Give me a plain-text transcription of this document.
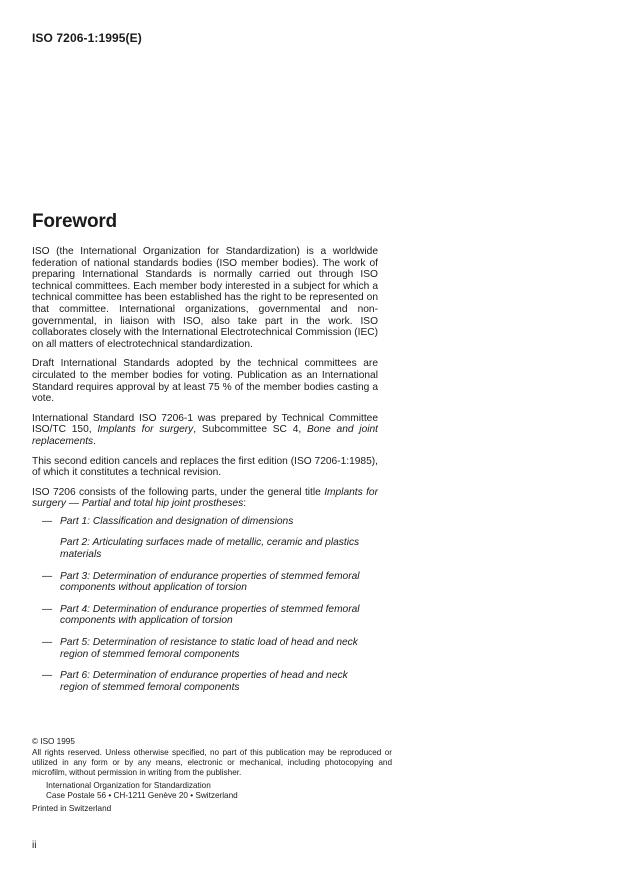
ISO 7206-1:1995(E)
Foreword

ISO (the International Organization for Standardization) is a worldwide federation of national standards bodies (ISO member bodies). The work of preparing International Standards is normally carried out through ISO technical committees. Each member body interested in a subject for which a technical committee has been established has the right to be represented on that committee. International organizations, governmental and non-governmental, in liaison with ISO, also take part in the work. ISO collaborates closely with the International Electrotechnical Commission (IEC) on all matters of electrotechnical standardization.

Draft International Standards adopted by the technical committees are circulated to the member bodies for voting. Publication as an International Standard requires approval by at least 75 % of the member bodies casting a vote.

International Standard ISO 7206-1 was prepared by Technical Committee ISO/TC 150, Implants for surgery, Subcommittee SC 4, Bone and joint replacements.

This second edition cancels and replaces the first edition (ISO 7206-1:1985), of which it constitutes a technical revision.

ISO 7206 consists of the following parts, under the general title Implants for surgery — Partial and total hip joint prostheses:

— Part 1: Classification and designation of dimensions
Part 2: Articulating surfaces made of metallic, ceramic and plastics materials
— Part 3: Determination of endurance properties of stemmed femoral components without application of torsion
— Part 4: Determination of endurance properties of stemmed femoral components with application of torsion
— Part 5: Determination of resistance to static load of head and neck region of stemmed femoral components
— Part 6: Determination of endurance properties of head and neck region of stemmed femoral components
© ISO 1995
All rights reserved. Unless otherwise specified, no part of this publication may be reproduced or utilized in any form or by any means, electronic or mechanical, including photocopying and microfilm, without permission in writing from the publisher.
International Organization for Standardization
Case Postale 56 • CH-1211 Genève 20 • Switzerland
Printed in Switzerland
ii
